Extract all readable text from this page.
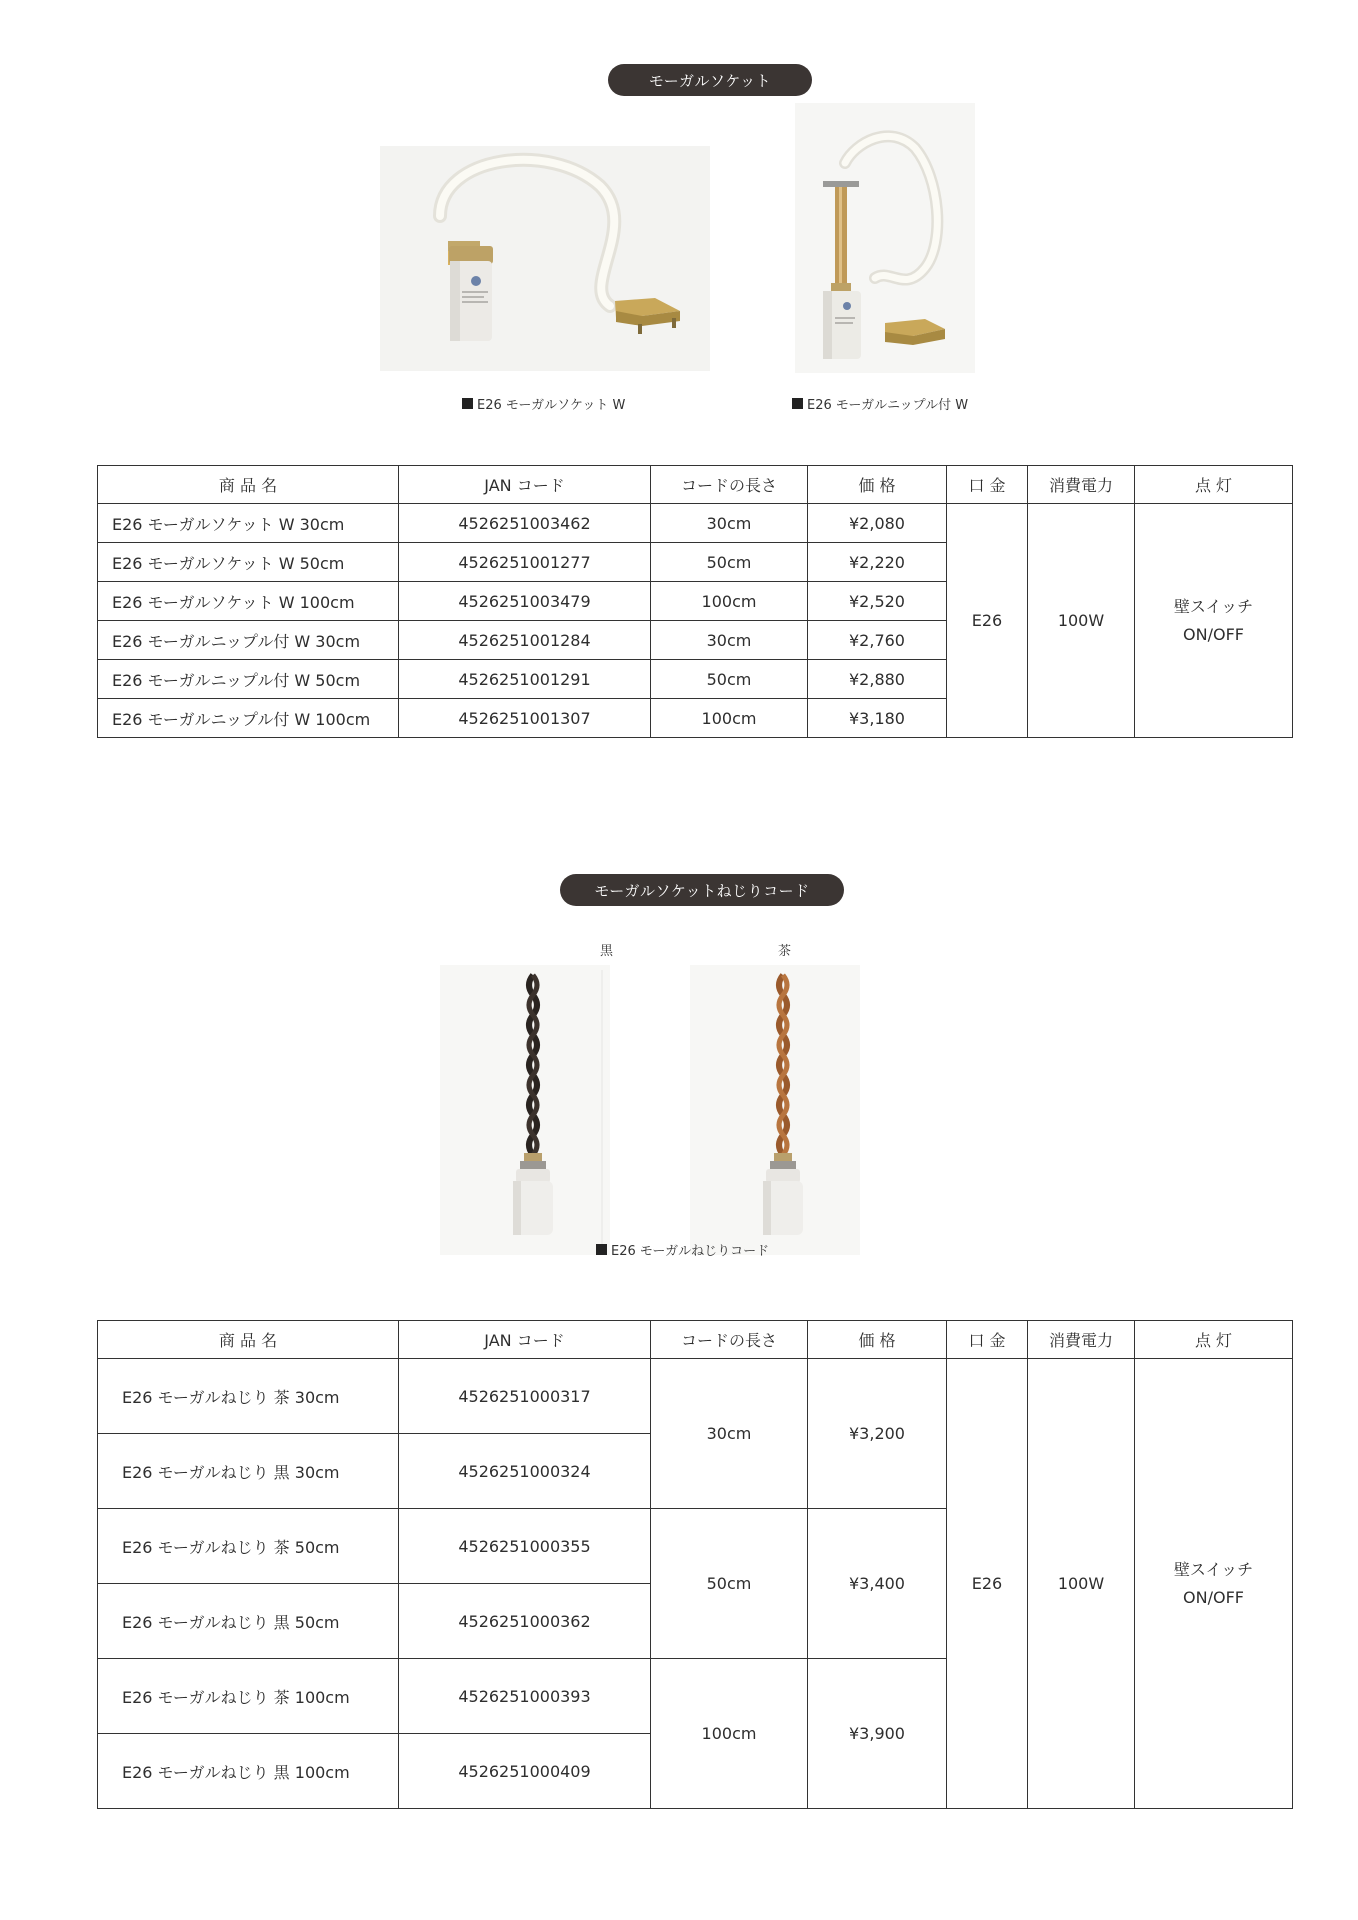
モーガルソケット
E26 モーガルソケット W	E26 モーガルニップル付 W
商 品 名	JAN コード	コードの長さ	価 格	口 金	消費電力	点 灯
E26 モーガルソケット W 30cm	4526251003462	30cm	¥2,080	E26	100W	壁スイッチ
ON/OFF
E26 モーガルソケット W 50cm	4526251001277	50cm	¥2,220			
E26 モーガルソケット W 100cm	4526251003479	100cm	¥2,520			
E26 モーガルニップル付 W 30cm	4526251001284	30cm	¥2,760			
E26 モーガルニップル付 W 50cm	4526251001291	50cm	¥2,880			
E26 モーガルニップル付 W 100cm	4526251001307	100cm	¥3,180			
モーガルソケットねじりコード
黒	茶
E26 モーガルねじりコード
商 品 名	JAN コード	コードの長さ	価 格	口 金	消費電力	点 灯
E26 モーガルねじり 茶 30cm	4526251000317	30cm	¥3,200	E26	100W	壁スイッチ
ON/OFF
E26 モーガルねじり 黒 30cm	4526251000324					
E26 モーガルねじり 茶 50cm	4526251000355	50cm	¥3,400			
E26 モーガルねじり 黒 50cm	4526251000362					
E26 モーガルねじり 茶 100cm	4526251000393	100cm	¥3,900			
E26 モーガルねじり 黒 100cm	4526251000409					
